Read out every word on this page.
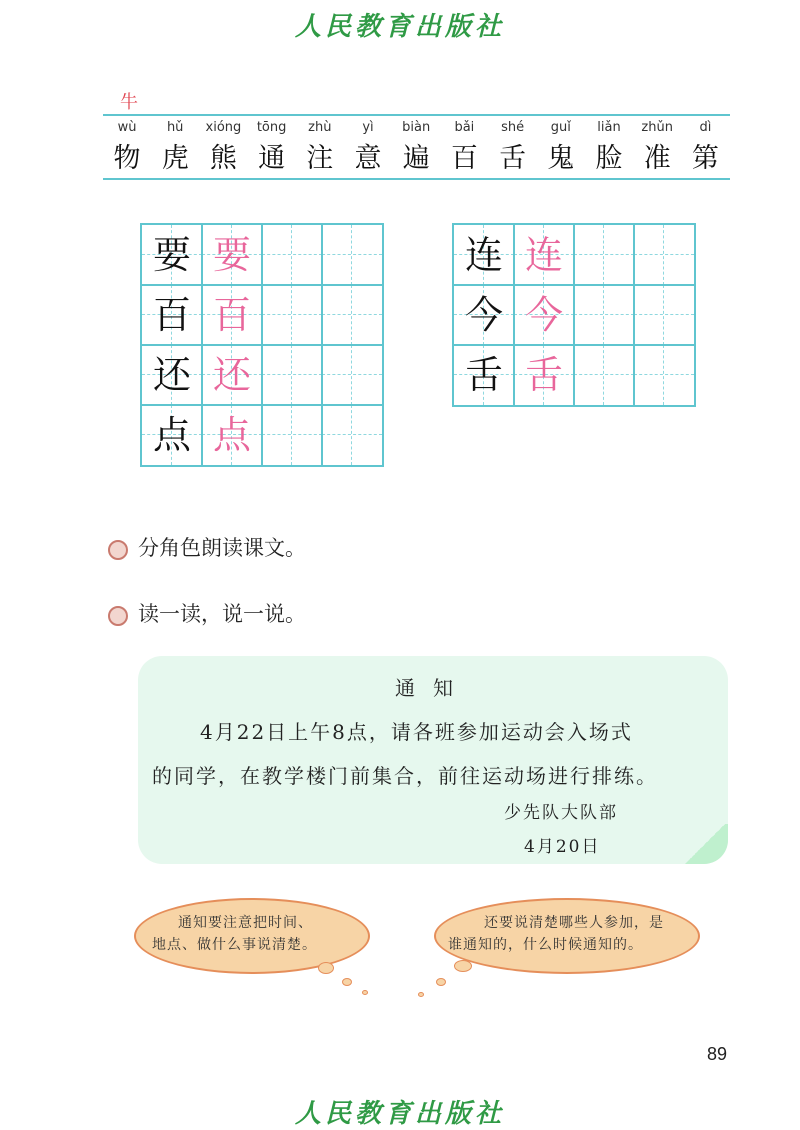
人民教育出版社
牛
wù	hǔ	xióng	tōng	zhù	yì	biàn	bǎi	shé	guǐ	liǎn	zhǔn	dì
物 虎 熊 通 注 意 遍 百 舌 鬼 脸 准 第
要 要
百 百
还 还
点 点
连 连
今 今
舌 舌
分角色朗读课文。
读一读，说一说。
通知
4月22日上午8点，请各班参加运动会入场式
的同学，在教学楼门前集合，前往运动场进行排练。
少先队大队部
4月20日
通知要注意把时间、
地点、做什么事说清楚。
还要说清楚哪些人参加，是
谁通知的，什么时候通知的。
89
人民教育出版社
